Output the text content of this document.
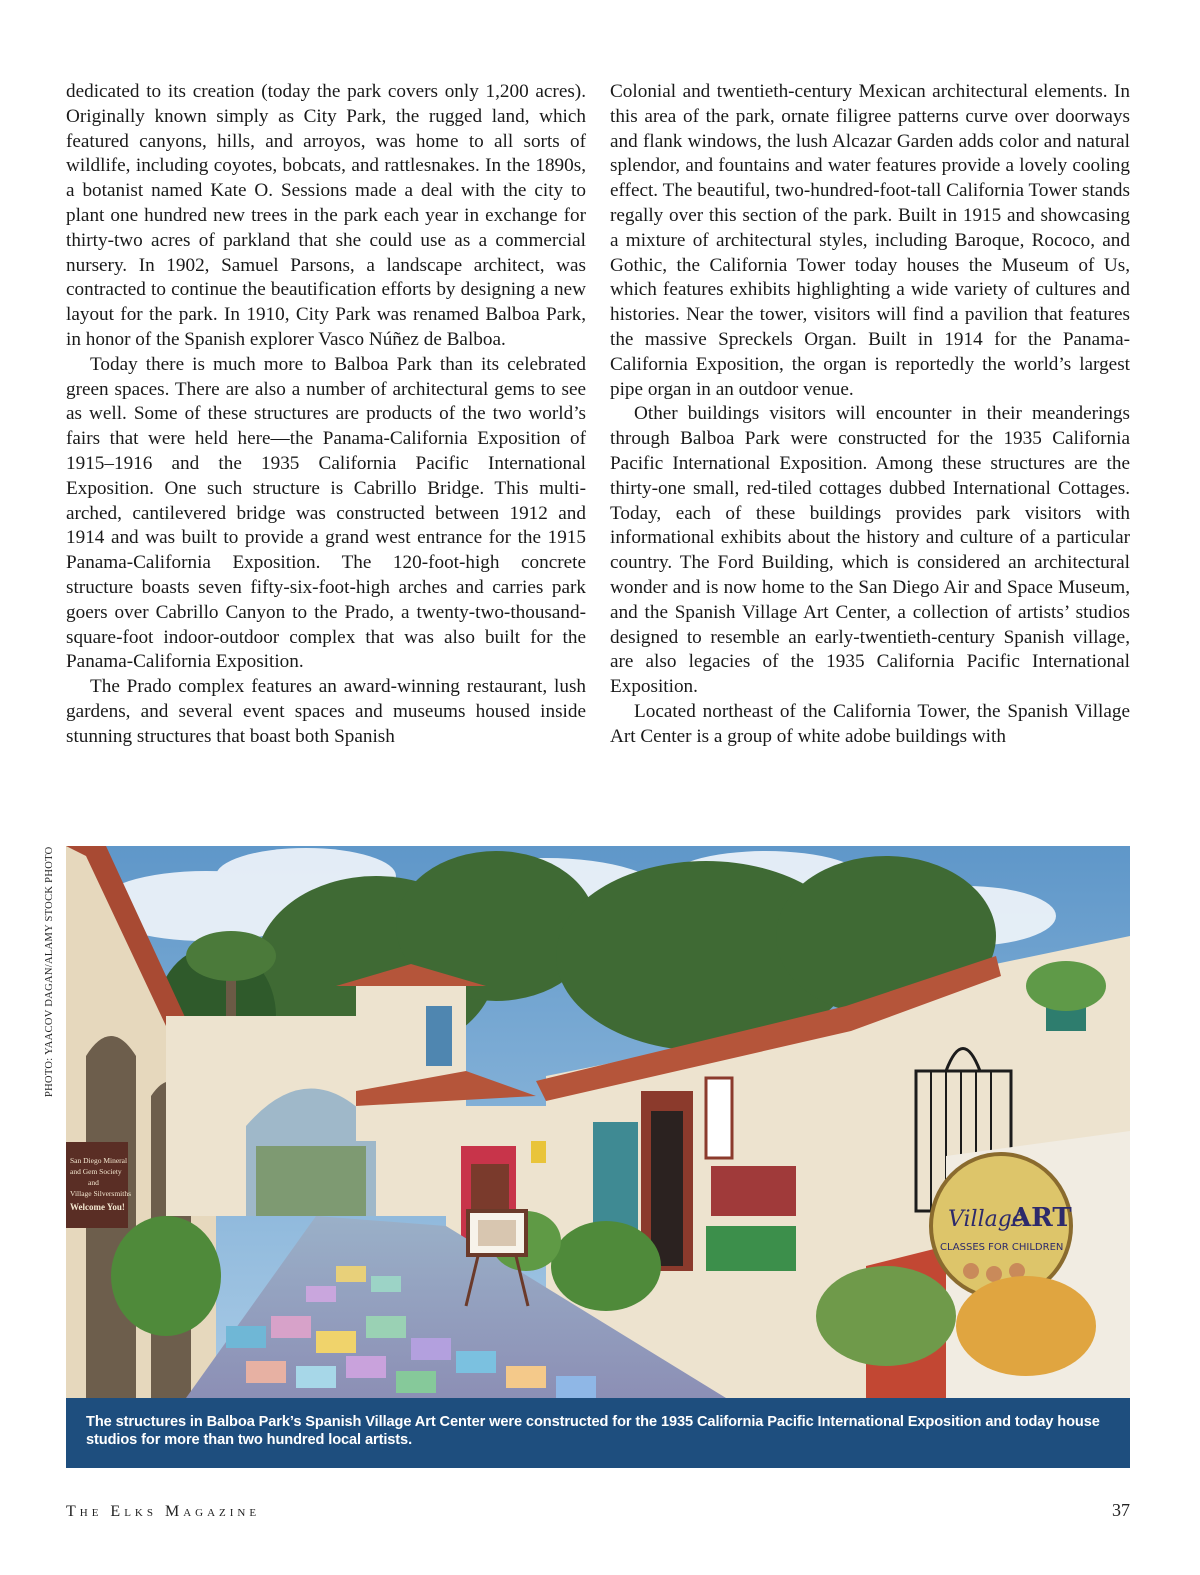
dedicated to its creation (today the park covers only 1,200 acres). Originally known simply as City Park, the rugged land, which featured canyons, hills, and arroyos, was home to all sorts of wildlife, including coyotes, bobcats, and rattlesnakes. In the 1890s, a botanist named Kate O. Sessions made a deal with the city to plant one hundred new trees in the park each year in exchange for thirty-two acres of parkland that she could use as a commercial nursery. In 1902, Samuel Parsons, a landscape architect, was contracted to continue the beautification efforts by designing a new layout for the park. In 1910, City Park was renamed Balboa Park, in honor of the Spanish explorer Vasco Núñez de Balboa.

Today there is much more to Balboa Park than its celebrated green spaces. There are also a number of architectural gems to see as well. Some of these structures are products of the two world’s fairs that were held here—the Panama-California Exposition of 1915–1916 and the 1935 California Pacific International Exposition. One such structure is Cabrillo Bridge. This multi-arched, cantilevered bridge was constructed between 1912 and 1914 and was built to provide a grand west entrance for the 1915 Panama-California Exposition. The 120-foot-high concrete structure boasts seven fifty-six-foot-high arches and carries park goers over Cabrillo Canyon to the Prado, a twenty-two-thousand-square-foot indoor-outdoor complex that was also built for the Panama-California Exposition.

The Prado complex features an award-winning restaurant, lush gardens, and several event spaces and museums housed inside stunning structures that boast both Spanish

Colonial and twentieth-century Mexican architectural elements. In this area of the park, ornate filigree patterns curve over doorways and flank windows, the lush Alcazar Garden adds color and natural splendor, and fountains and water features provide a lovely cooling effect. The beautiful, two-hundred-foot-tall California Tower stands regally over this section of the park. Built in 1915 and showcasing a mixture of architectural styles, including Baroque, Rococo, and Gothic, the California Tower today houses the Museum of Us, which features exhibits highlighting a wide variety of cultures and histories. Near the tower, visitors will find a pavilion that features the massive Spreckels Organ. Built in 1914 for the Panama-California Exposition, the organ is reportedly the world’s largest pipe organ in an outdoor venue.

Other buildings visitors will encounter in their meanderings through Balboa Park were constructed for the 1935 California Pacific International Exposition. Among these structures are the thirty-one small, red-tiled cottages dubbed International Cottages. Today, each of these buildings provides park visitors with informational exhibits about the history and culture of a particular country. The Ford Building, which is considered an architectural wonder and is now home to the San Diego Air and Space Museum, and the Spanish Village Art Center, a collection of artists’ studios designed to resemble an early-twentieth-century Spanish village, are also legacies of the 1935 California Pacific International Exposition.

Located northeast of the California Tower, the Spanish Village Art Center is a group of white adobe buildings with

PHOTO: YAACOV DAGAN/ALAMY STOCK PHOTO
San Diego Mineral
and Gem Society
and
Village Silversmiths
Welcome You!	Village
ART
CLASSES FOR CHILDREN
The structures in Balboa Park’s Spanish Village Art Center were constructed for the 1935 California Pacific International Exposition and today house studios for more than two hundred local artists.
The Elks Magazine	37
